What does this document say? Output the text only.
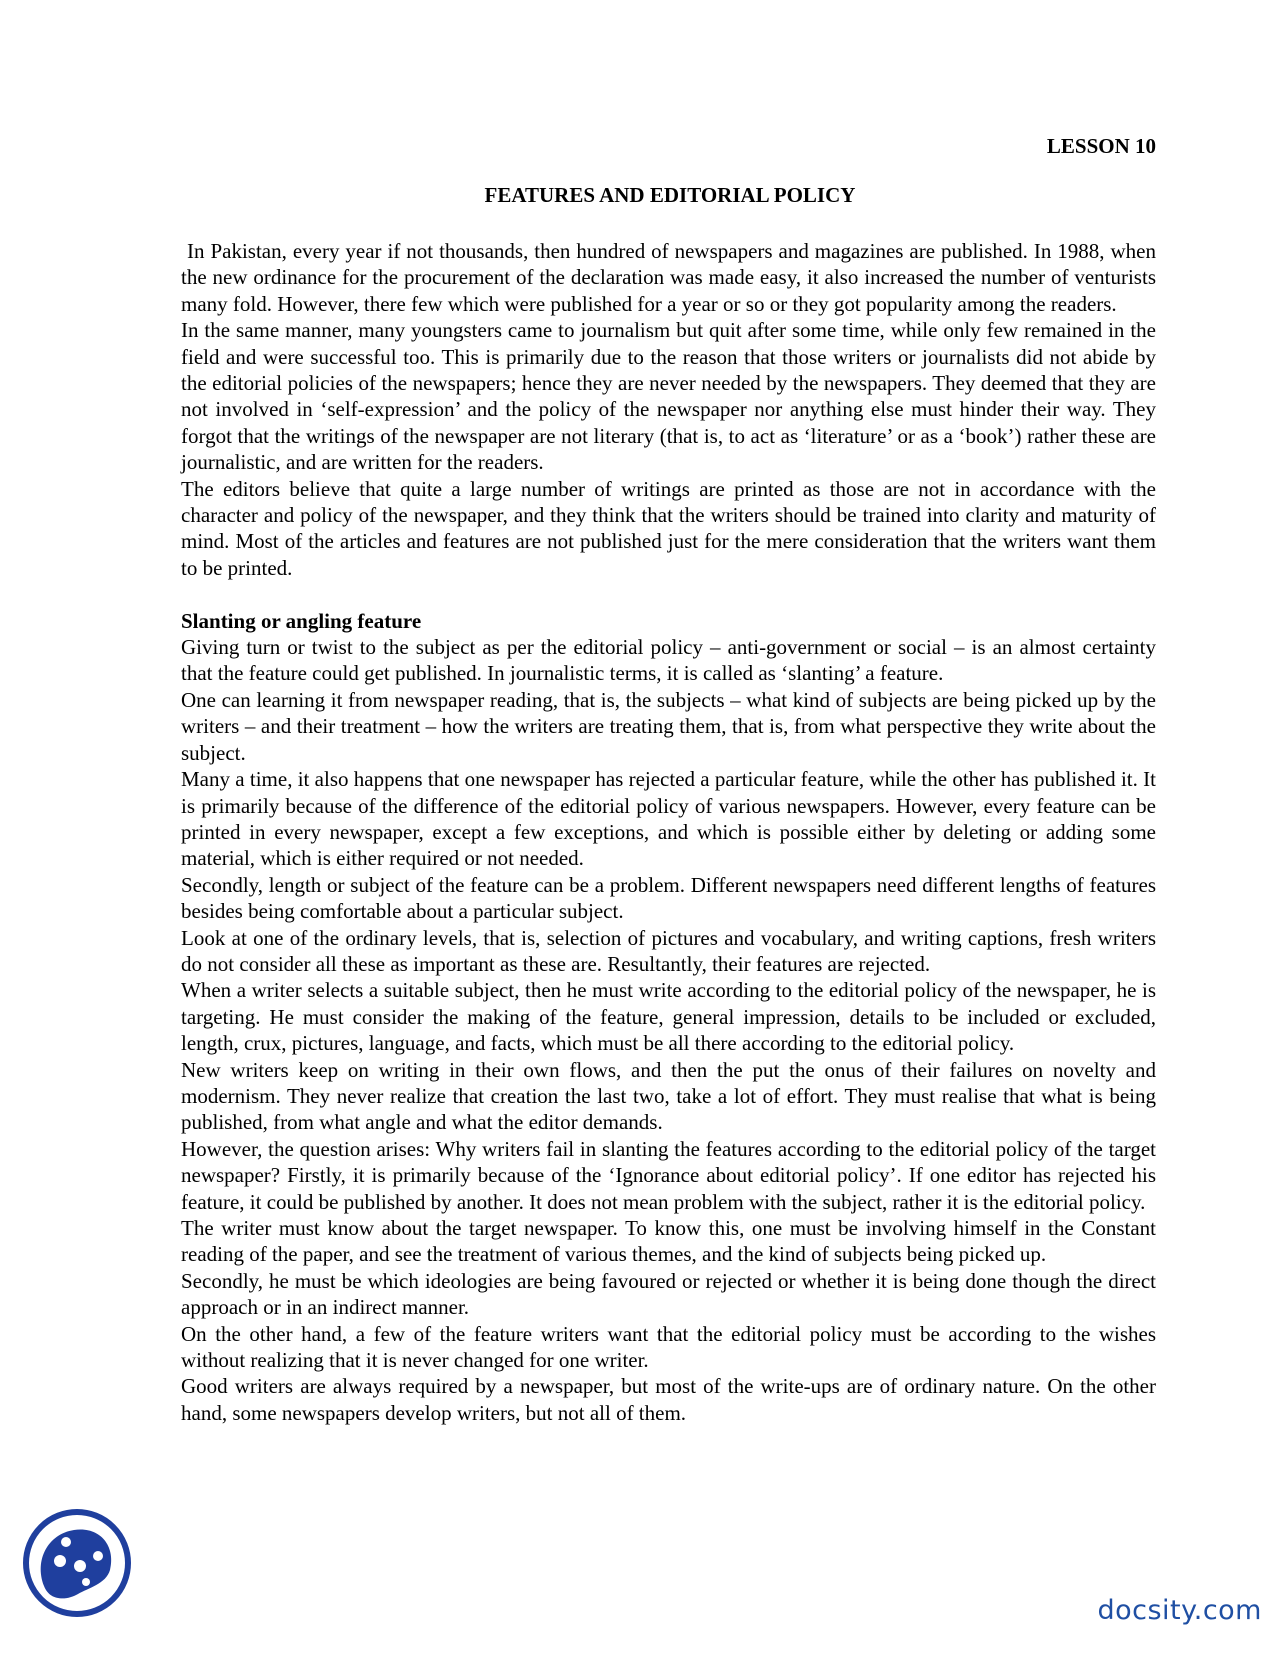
LESSON 10
FEATURES AND EDITORIAL POLICY

In Pakistan, every year if not thousands, then hundred of newspapers and magazines are published. In 1988, when the new ordinance for the procurement of the declaration was made easy, it also increased the number of venturists many fold. However, there few which were published for a year or so or they got popularity among the readers.

In the same manner, many youngsters came to journalism but quit after some time, while only few remained in the field and were successful too. This is primarily due to the reason that those writers or journalists did not abide by the editorial policies of the newspapers; hence they are never needed by the newspapers. They deemed that they are not involved in ‘self-expression’ and the policy of the newspaper nor anything else must hinder their way. They forgot that the writings of the newspaper are not literary (that is, to act as ‘literature’ or as a ‘book’) rather these are journalistic, and are written for the readers.

The editors believe that quite a large number of writings are printed as those are not in accordance with the character and policy of the newspaper, and they think that the writers should be trained into clarity and maturity of mind. Most of the articles and features are not published just for the mere consideration that the writers want them to be printed.

Slanting or angling feature

Giving turn or twist to the subject as per the editorial policy – anti-government or social – is an almost certainty that the feature could get published. In journalistic terms, it is called as ‘slanting’ a feature.

One can learning it from newspaper reading, that is, the subjects – what kind of subjects are being picked up by the writers – and their treatment – how the writers are treating them, that is, from what perspective they write about the subject.

Many a time, it also happens that one newspaper has rejected a particular feature, while the other has published it. It is primarily because of the difference of the editorial policy of various newspapers. However, every feature can be printed in every newspaper, except a few exceptions, and which is possible either by deleting or adding some material, which is either required or not needed.

Secondly, length or subject of the feature can be a problem. Different newspapers need different lengths of features besides being comfortable about a particular subject.

Look at one of the ordinary levels, that is, selection of pictures and vocabulary, and writing captions, fresh writers do not consider all these as important as these are. Resultantly, their features are rejected.

When a writer selects a suitable subject, then he must write according to the editorial policy of the newspaper, he is targeting. He must consider the making of the feature, general impression, details to be included or excluded, length, crux, pictures, language, and facts, which must be all there according to the editorial policy.

New writers keep on writing in their own flows, and then the put the onus of their failures on novelty and modernism. They never realize that creation the last two, take a lot of effort. They must realise that what is being published, from what angle and what the editor demands.

However, the question arises: Why writers fail in slanting the features according to the editorial policy of the target newspaper? Firstly, it is primarily because of the ‘Ignorance about editorial policy’. If one editor has rejected his feature, it could be published by another. It does not mean problem with the subject, rather it is the editorial policy.

The writer must know about the target newspaper. To know this, one must be involving himself in the Constant reading of the paper, and see the treatment of various themes, and the kind of subjects being picked up.

Secondly, he must be which ideologies are being favoured or rejected or whether it is being done though the direct approach or in an indirect manner.

On the other hand, a few of the feature writers want that the editorial policy must be according to the wishes without realizing that it is never changed for one writer.

Good writers are always required by a newspaper, but most of the write-ups are of ordinary nature. On the other hand, some newspapers develop writers, but not all of them.

docsity.com
